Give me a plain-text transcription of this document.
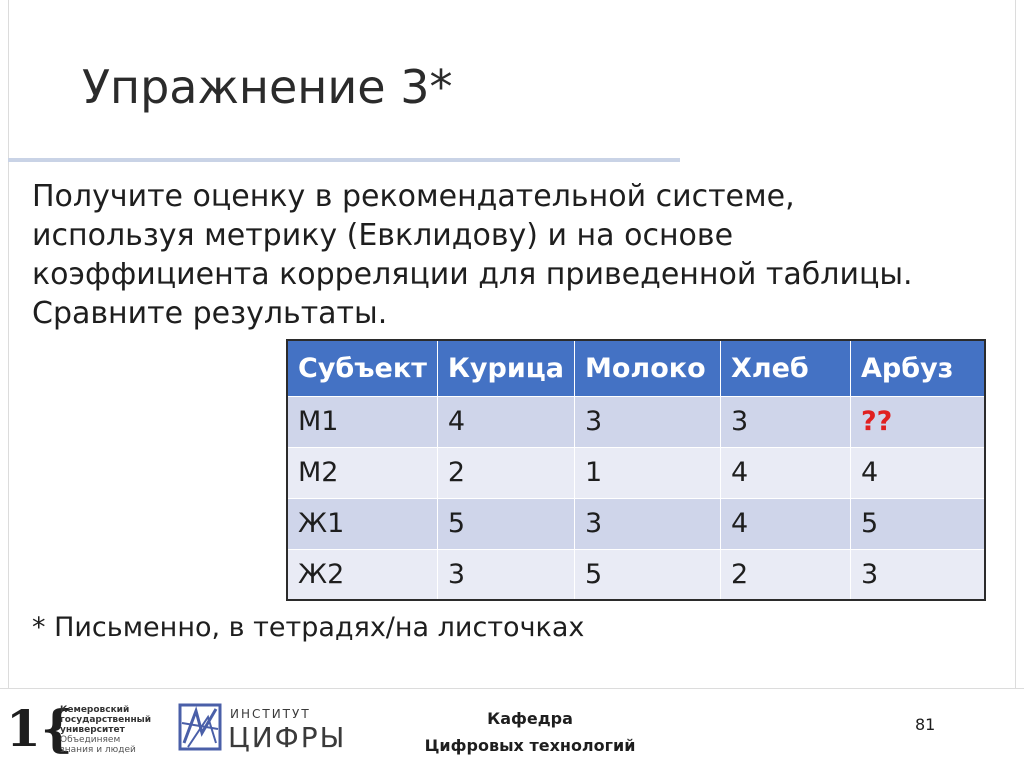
Упражнение 3*
Получите оценку в рекомендательной системе,
используя метрику (Евклидову) и на основе
коэффициента корреляции для приведенной таблицы.
Сравните результаты.
Субъект	Курица	Молоко	Хлеб	Арбуз
М1	4	3	3	??
М2	2	1	4	4
Ж1	5	3	4	5
Ж2	3	5	2	3
* Письменно, в тетрадях/на листочках
1{
Кемеровский
государственный
университет
Объединяем
знания и людей
ИНСТИТУТ
ЦИФРЫ
Кафедра
Цифровых технологий
81
